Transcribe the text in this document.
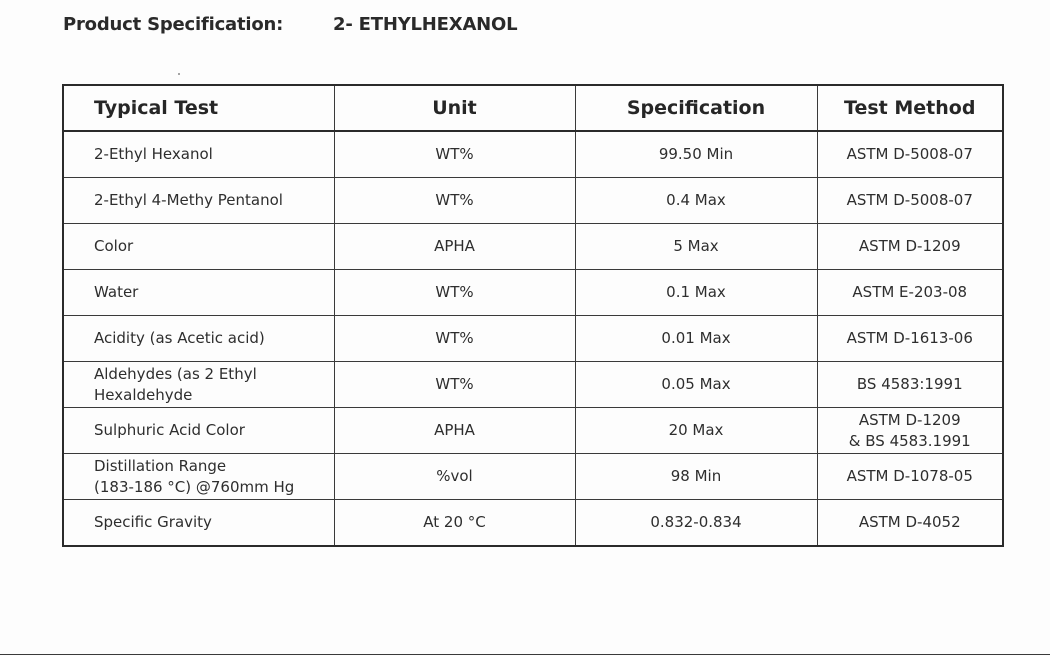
Product Specification:	2- ETHYLHEXANOL
Typical Test	Unit	Specification	Test Method
2-Ethyl Hexanol	WT%	99.50 Min	ASTM D-5008-07
2-Ethyl 4-Methy Pentanol	WT%	0.4 Max	ASTM D-5008-07
Color	APHA	5 Max	ASTM D-1209
Water	WT%	0.1 Max	ASTM E-203-08
Acidity (as Acetic acid)	WT%	0.01 Max	ASTM D-1613-06
Aldehydes (as 2 Ethyl
Hexaldehyde	WT%	0.05 Max	BS 4583:1991
Sulphuric Acid Color	APHA	20 Max	ASTM D-1209
& BS 4583.1991
Distillation Range
(183-186 °C) @760mm Hg	%vol	98 Min	ASTM D-1078-05
Specific Gravity	At 20 °C	0.832-0.834	ASTM D-4052
